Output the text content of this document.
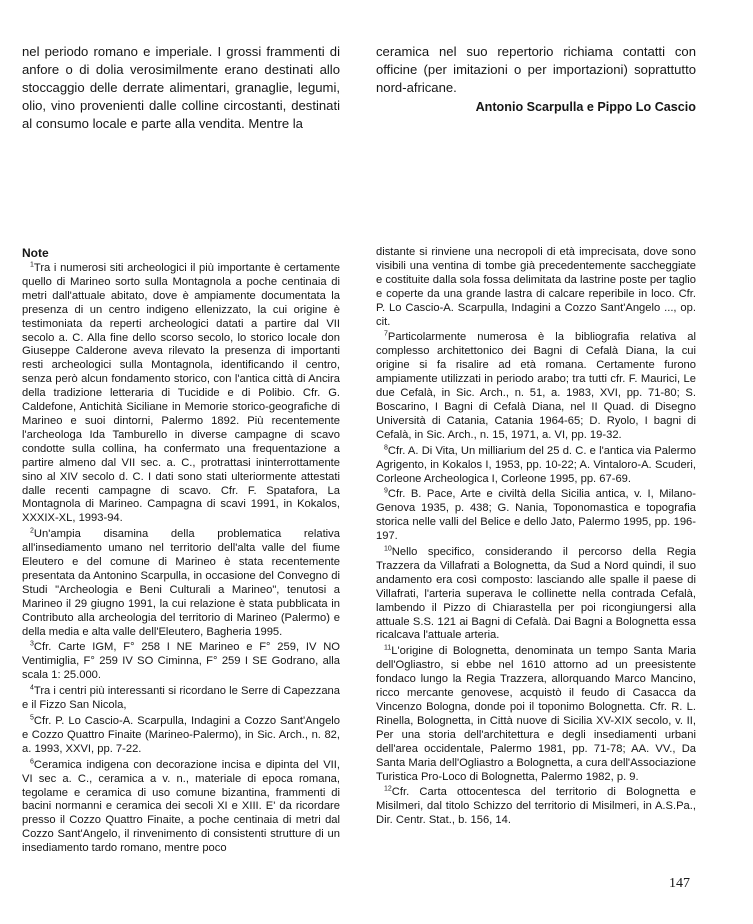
nel periodo romano e imperiale. I grossi frammenti di anfore o di dolia verosimilmente erano destinati allo stoccaggio delle derrate alimentari, granaglie, legumi, olio, vino provenienti dalle colline circostanti, destinati al consumo locale e parte alla vendita. Mentre la

ceramica nel suo repertorio richiama contatti con officine (per imitazioni o per importazioni) soprattutto nord-africane.

Antonio Scarpulla e Pippo Lo Cascio

Note

$^1$Tra i numerosi siti archeologici il più importante è certamente quello di Marineo sorto sulla Montagnola a poche centinaia di metri dall'attuale abitato, dove è ampiamente documentata la presenza di un centro indigeno ellenizzato, la cui origine è testimoniata da reperti archeologici datati a partire dal VII secolo a. C. Alla fine dello scorso secolo, lo storico locale don Giuseppe Calderone aveva rilevato la presenza di importanti resti archeologici sulla Montagnola, identificando il centro, senza però alcun fondamento storico, con l'antica città di Ancira della tradizione letteraria di Tucidide e di Polibio. Cfr. G. Caldefone, Antichità Siciliane in Memorie storico-geografiche di Marineo e suoi dintorni, Palermo 1892. Più recentemente l'archeologa Ida Tamburello in diverse campagne di scavo condotte sulla collina, ha confermato una frequentazione a partire almeno dal VII sec. a. C., protrattasi ininterrottamente sino al XIV secolo d. C. I dati sono stati ulteriormente attestati dalle recenti campagne di scavo. Cfr. F. Spatafora, La Montagnola di Marineo. Campagna di scavi 1991, in Kokalos, XXXIX-XL, 1993-94.

$^2$Un'ampia disamina della problematica relativa all'insediamento umano nel territorio dell'alta valle del fiume Eleutero e del comune di Marineo è stata recentemente presentata da Antonino Scarpulla, in occasione del Convegno di Studi "Archeologia e Beni Culturali a Marineo", tenutosi a Marineo il 29 giugno 1991, la cui relazione è stata pubblicata in Contributo alla archeologia del territorio di Marineo (Palermo) e della media e alta valle dell'Eleutero, Bagheria 1995.

$^3$Cfr. Carte IGM, F° 258 I NE Marineo e F° 259, IV NO Ventimiglia, F° 259 IV SO Ciminna, F° 259 I SE Godrano, alla scala 1: 25.000.

$^4$Tra i centri più interessanti si ricordano le Serre di Capezzana e il Fizzo San Nicola,

$^5$Cfr. P. Lo Cascio-A. Scarpulla, Indagini a Cozzo Sant'Angelo e Cozzo Quattro Finaite (Marineo-Palermo), in Sic. Arch., n. 82, a. 1993, XXVI, pp. 7-22.

$^6$Ceramica indigena con decorazione incisa e dipinta del VII, VI sec a. C., ceramica a v. n., materiale di epoca romana, tegolame e ceramica di uso comune bizantina, frammenti di bacini normanni e ceramica dei secoli XI e XIII. E' da ricordare presso il Cozzo Quattro Finaite, a poche centinaia di metri dal Cozzo Sant'Angelo, il rinvenimento di consistenti strutture di un insediamento tardo romano, mentre poco

distante si rinviene una necropoli di età imprecisata, dove sono visibili una ventina di tombe già precedentemente saccheggiate e costituite dalla sola fossa delimitata da lastrine poste per taglio e coperte da una grande lastra di calcare reperibile in loco. Cfr. P. Lo Cascio-A. Scarpulla, Indagini a Cozzo Sant'Angelo ..., op. cit.

$^7$Particolarmente numerosa è la bibliografia relativa al complesso architettonico dei Bagni di Cefalà Diana, la cui origine si fa risalire ad età romana. Certamente furono ampiamente utilizzati in periodo arabo; tra tutti cfr. F. Maurici, Le due Cefalà, in Sic. Arch., n. 51, a. 1983, XVI, pp. 71-80; S. Boscarino, I Bagni di Cefalà Diana, nel II Quad. di Disegno Università di Catania, Catania 1964-65; D. Ryolo, I bagni di Cefalà, in Sic. Arch., n. 15, 1971, a. VI, pp. 19-32.

$^8$Cfr. A. Di Vita, Un milliarium del 25 d. C. e l'antica via Palermo Agrigento, in Kokalos I, 1953, pp. 10-22; A. Vintaloro-A. Scuderi, Corleone Archeologica I, Corleone 1995, pp. 67-69.

$^9$Cfr. B. Pace, Arte e civiltà della Sicilia antica, v. I, Milano-Genova 1935, p. 438; G. Nania, Toponomastica e topografia storica nelle valli del Belice e dello Jato, Palermo 1995, pp. 196-197.

$^{10}$Nello specifico, considerando il percorso della Regia Trazzera da Villafrati a Bolognetta, da Sud a Nord quindi, il suo andamento era così composto: lasciando alle spalle il paese di Villafrati, l'arteria superava le collinette nella contrada Cefalà, lambendo il Pizzo di Chiarastella per poi ricongiungersi alla attuale S.S. 121 ai Bagni di Cefalà. Dai Bagni a Bolognetta essa ricalcava l'attuale arteria.

$^{11}$L'origine di Bolognetta, denominata un tempo Santa Maria dell'Ogliastro, si ebbe nel 1610 attorno ad un preesistente fondaco lungo la Regia Trazzera, allorquando Marco Mancino, ricco mercante genovese, acquistò il feudo di Casacca da Vincenzo Bologna, donde poi il toponimo Bolognetta. Cfr. R. L. Rinella, Bolognetta, in Città nuove di Sicilia XV-XIX secolo, v. II, Per una storia dell'architettura e degli insediamenti urbani dell'area occidentale, Palermo 1981, pp. 71-78; AA. VV., Da Santa Maria dell'Ogliastro a Bolognetta, a cura dell'Associazione Turistica Pro-Loco di Bolognetta, Palermo 1982, p. 9.

$^{12}$Cfr. Carta ottocentesca del territorio di Bolognetta e Misilmeri, dal titolo Schizzo del territorio di Misilmeri, in A.S.Pa., Dir. Centr. Stat., b. 156, 14.

147
